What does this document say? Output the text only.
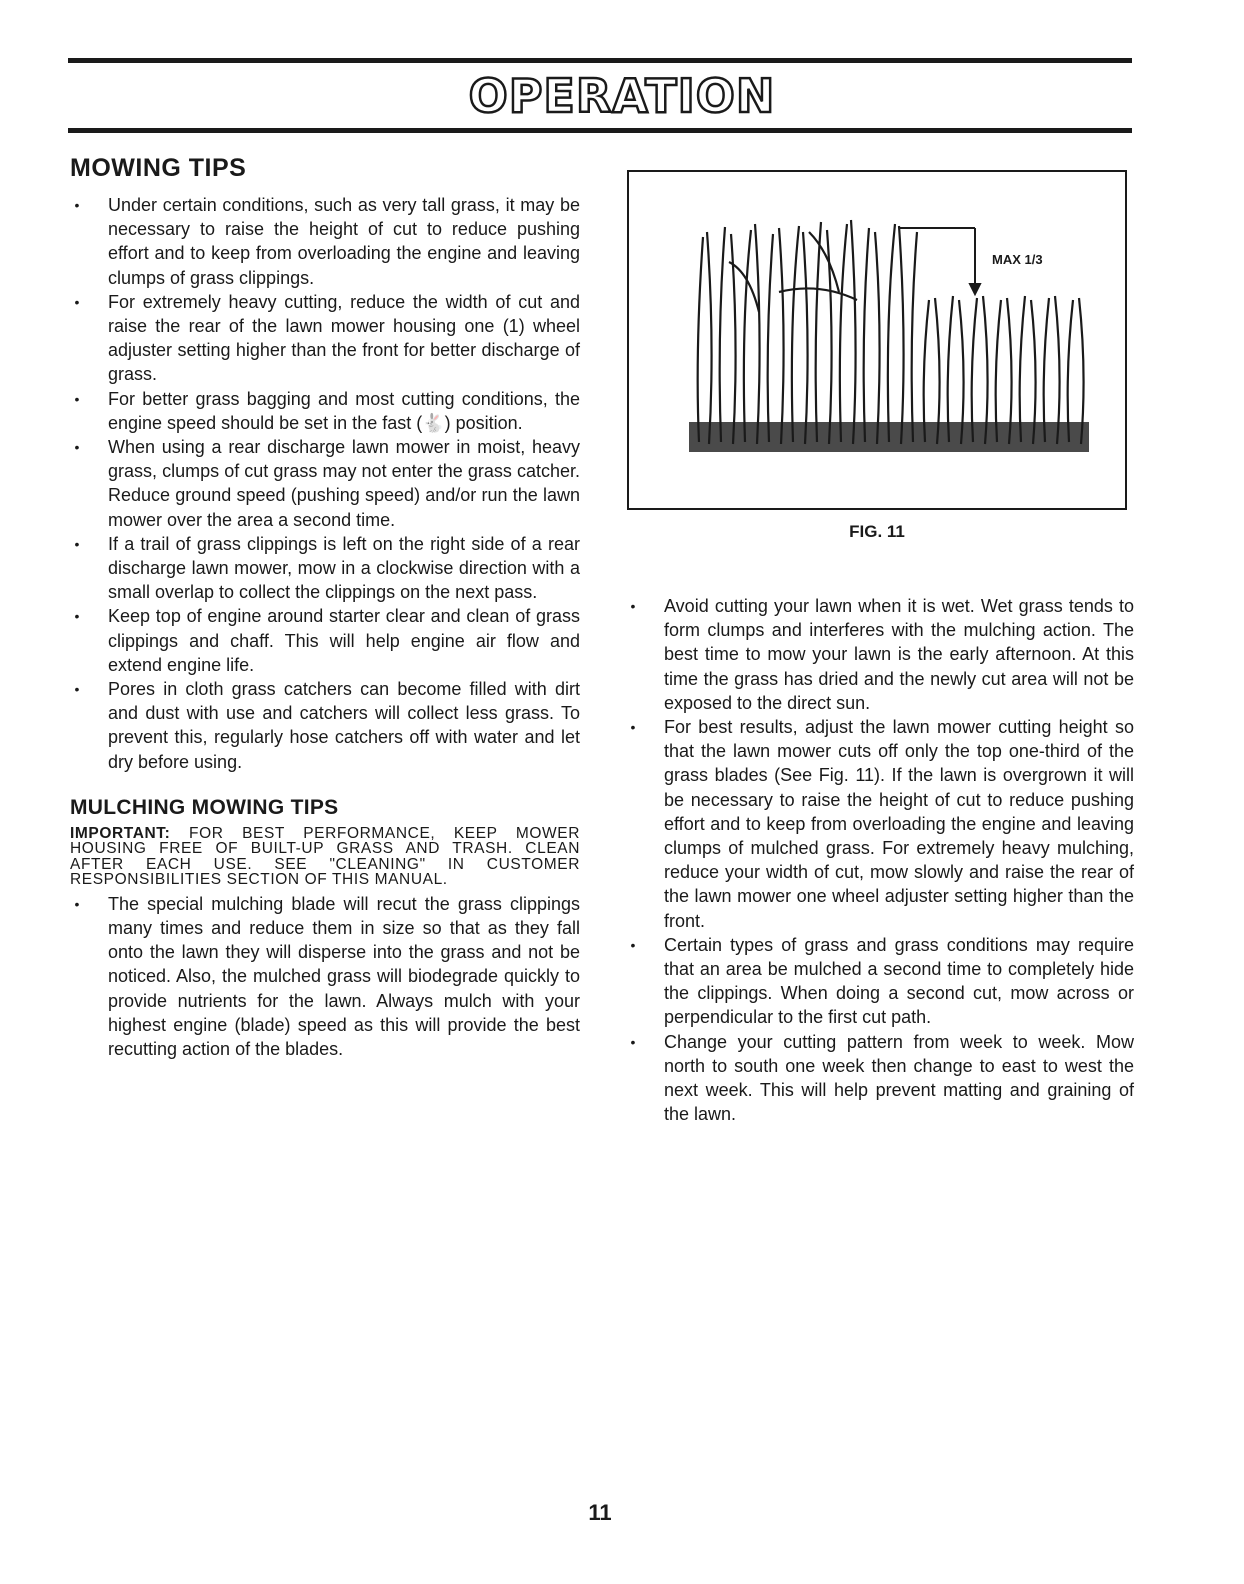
OPERATION
MOWING TIPS
• Under certain conditions, such as very tall grass, it may be necessary to raise the height of cut to reduce pushing effort and to keep from overloading the engine and leaving clumps of grass clippings.
• For extremely heavy cutting, reduce the width of cut and raise the rear of the lawn mower housing one (1) wheel adjuster setting higher than the front for better discharge of grass.
• For better grass bagging and most cutting conditions, the engine speed should be set in the fast (🐇) position.
• When using a rear discharge lawn mower in moist, heavy grass, clumps of cut grass may not enter the grass catcher. Reduce ground speed (pushing speed) and/or run the lawn mower over the area a second time.
• If a trail of grass clippings is left on the right side of a rear discharge lawn mower, mow in a clockwise direction with a small overlap to collect the clippings on the next pass.
• Keep top of engine around starter clear and clean of grass clippings and chaff. This will help engine air flow and extend engine life.
• Pores in cloth grass catchers can become filled with dirt and dust with use and catchers will collect less grass. To prevent this, regularly hose catchers off with water and let dry before using.
MULCHING MOWING TIPS

IMPORTANT: FOR BEST PERFORMANCE, KEEP MOWER HOUSING FREE OF BUILT-UP GRASS AND TRASH. CLEAN AFTER EACH USE. SEE "CLEANING" IN CUSTOMER RESPONSIBILITIES SECTION OF THIS MANUAL.

• The special mulching blade will recut the grass clippings many times and reduce them in size so that as they fall onto the lawn they will disperse into the grass and not be noticed. Also, the mulched grass will biodegrade quickly to provide nutrients for the lawn. Always mulch with your highest engine (blade) speed as this will provide the best recutting action of the blades.
MAX 1/3
FIG. 11
• Avoid cutting your lawn when it is wet. Wet grass tends to form clumps and interferes with the mulching action. The best time to mow your lawn is the early afternoon. At this time the grass has dried and the newly cut area will not be exposed to the direct sun.
• For best results, adjust the lawn mower cutting height so that the lawn mower cuts off only the top one-third of the grass blades (See Fig. 11). If the lawn is overgrown it will be necessary to raise the height of cut to reduce pushing effort and to keep from overloading the engine and leaving clumps of mulched grass. For extremely heavy mulching, reduce your width of cut, mow slowly and raise the rear of the lawn mower one wheel adjuster setting higher than the front.
• Certain types of grass and grass conditions may require that an area be mulched a second time to completely hide the clippings. When doing a second cut, mow across or perpendicular to the first cut path.
• Change your cutting pattern from week to week. Mow north to south one week then change to east to west the next week. This will help prevent matting and graining of the lawn.
11
